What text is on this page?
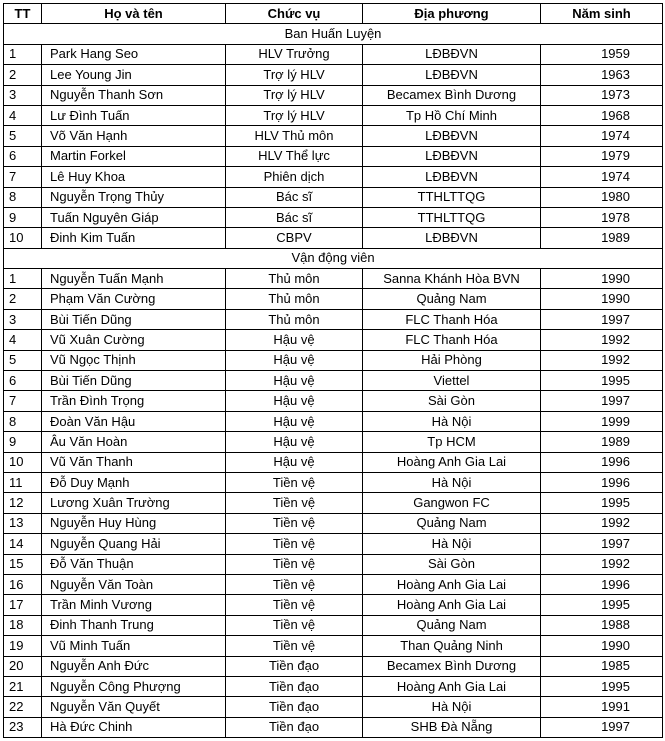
TT	Họ và tên	Chức vụ	Địa phương	Năm sinh
Ban Huấn Luyện				
1	Park Hang Seo	HLV Trưởng	LĐBĐVN	1959
2	Lee Young Jin	Trợ lý HLV	LĐBĐVN	1963
3	Nguyễn Thanh Sơn	Trợ lý HLV	Becamex Bình Dương	1973
4	Lư Đình Tuấn	Trợ lý HLV	Tp Hồ Chí Minh	1968
5	Võ Văn Hạnh	HLV Thủ môn	LĐBĐVN	1974
6	Martin Forkel	HLV Thể lực	LĐBĐVN	1979
7	Lê Huy Khoa	Phiên dịch	LĐBĐVN	1974
8	Nguyễn Trọng Thủy	Bác sĩ	TTHLTTQG	1980
9	Tuấn Nguyên Giáp	Bác sĩ	TTHLTTQG	1978
10	Đinh Kim Tuấn	CBPV	LĐBĐVN	1989
Vận động viên				
1	Nguyễn Tuấn Mạnh	Thủ môn	Sanna Khánh Hòa BVN	1990
2	Phạm Văn Cường	Thủ môn	Quảng Nam	1990
3	Bùi Tiến Dũng	Thủ môn	FLC Thanh Hóa	1997
4	Vũ Xuân Cường	Hậu vệ	FLC Thanh Hóa	1992
5	Vũ Ngọc Thịnh	Hậu vệ	Hải Phòng	1992
6	Bùi Tiến Dũng	Hậu vệ	Viettel	1995
7	Trần Đình Trọng	Hậu vệ	Sài Gòn	1997
8	Đoàn Văn Hậu	Hậu vệ	Hà Nội	1999
9	Âu Văn Hoàn	Hậu vệ	Tp HCM	1989
10	Vũ Văn Thanh	Hậu vệ	Hoàng Anh Gia Lai	1996
11	Đỗ Duy Mạnh	Tiền vệ	Hà Nội	1996
12	Lương Xuân Trường	Tiền vệ	Gangwon FC	1995
13	Nguyễn Huy Hùng	Tiền vệ	Quảng Nam	1992
14	Nguyễn Quang Hải	Tiền vệ	Hà Nội	1997
15	Đỗ Văn Thuận	Tiền vệ	Sài Gòn	1992
16	Nguyễn Văn Toàn	Tiền vệ	Hoàng Anh Gia Lai	1996
17	Trần Minh Vương	Tiền vệ	Hoàng Anh Gia Lai	1995
18	Đinh Thanh Trung	Tiền vệ	Quảng Nam	1988
19	Vũ Minh Tuấn	Tiền vệ	Than Quảng Ninh	1990
20	Nguyễn Anh Đức	Tiền đạo	Becamex Bình Dương	1985
21	Nguyễn Công Phượng	Tiền đạo	Hoàng Anh Gia Lai	1995
22	Nguyễn Văn Quyết	Tiền đạo	Hà Nội	1991
23	Hà Đức Chinh	Tiền đạo	SHB Đà Nẵng	1997
